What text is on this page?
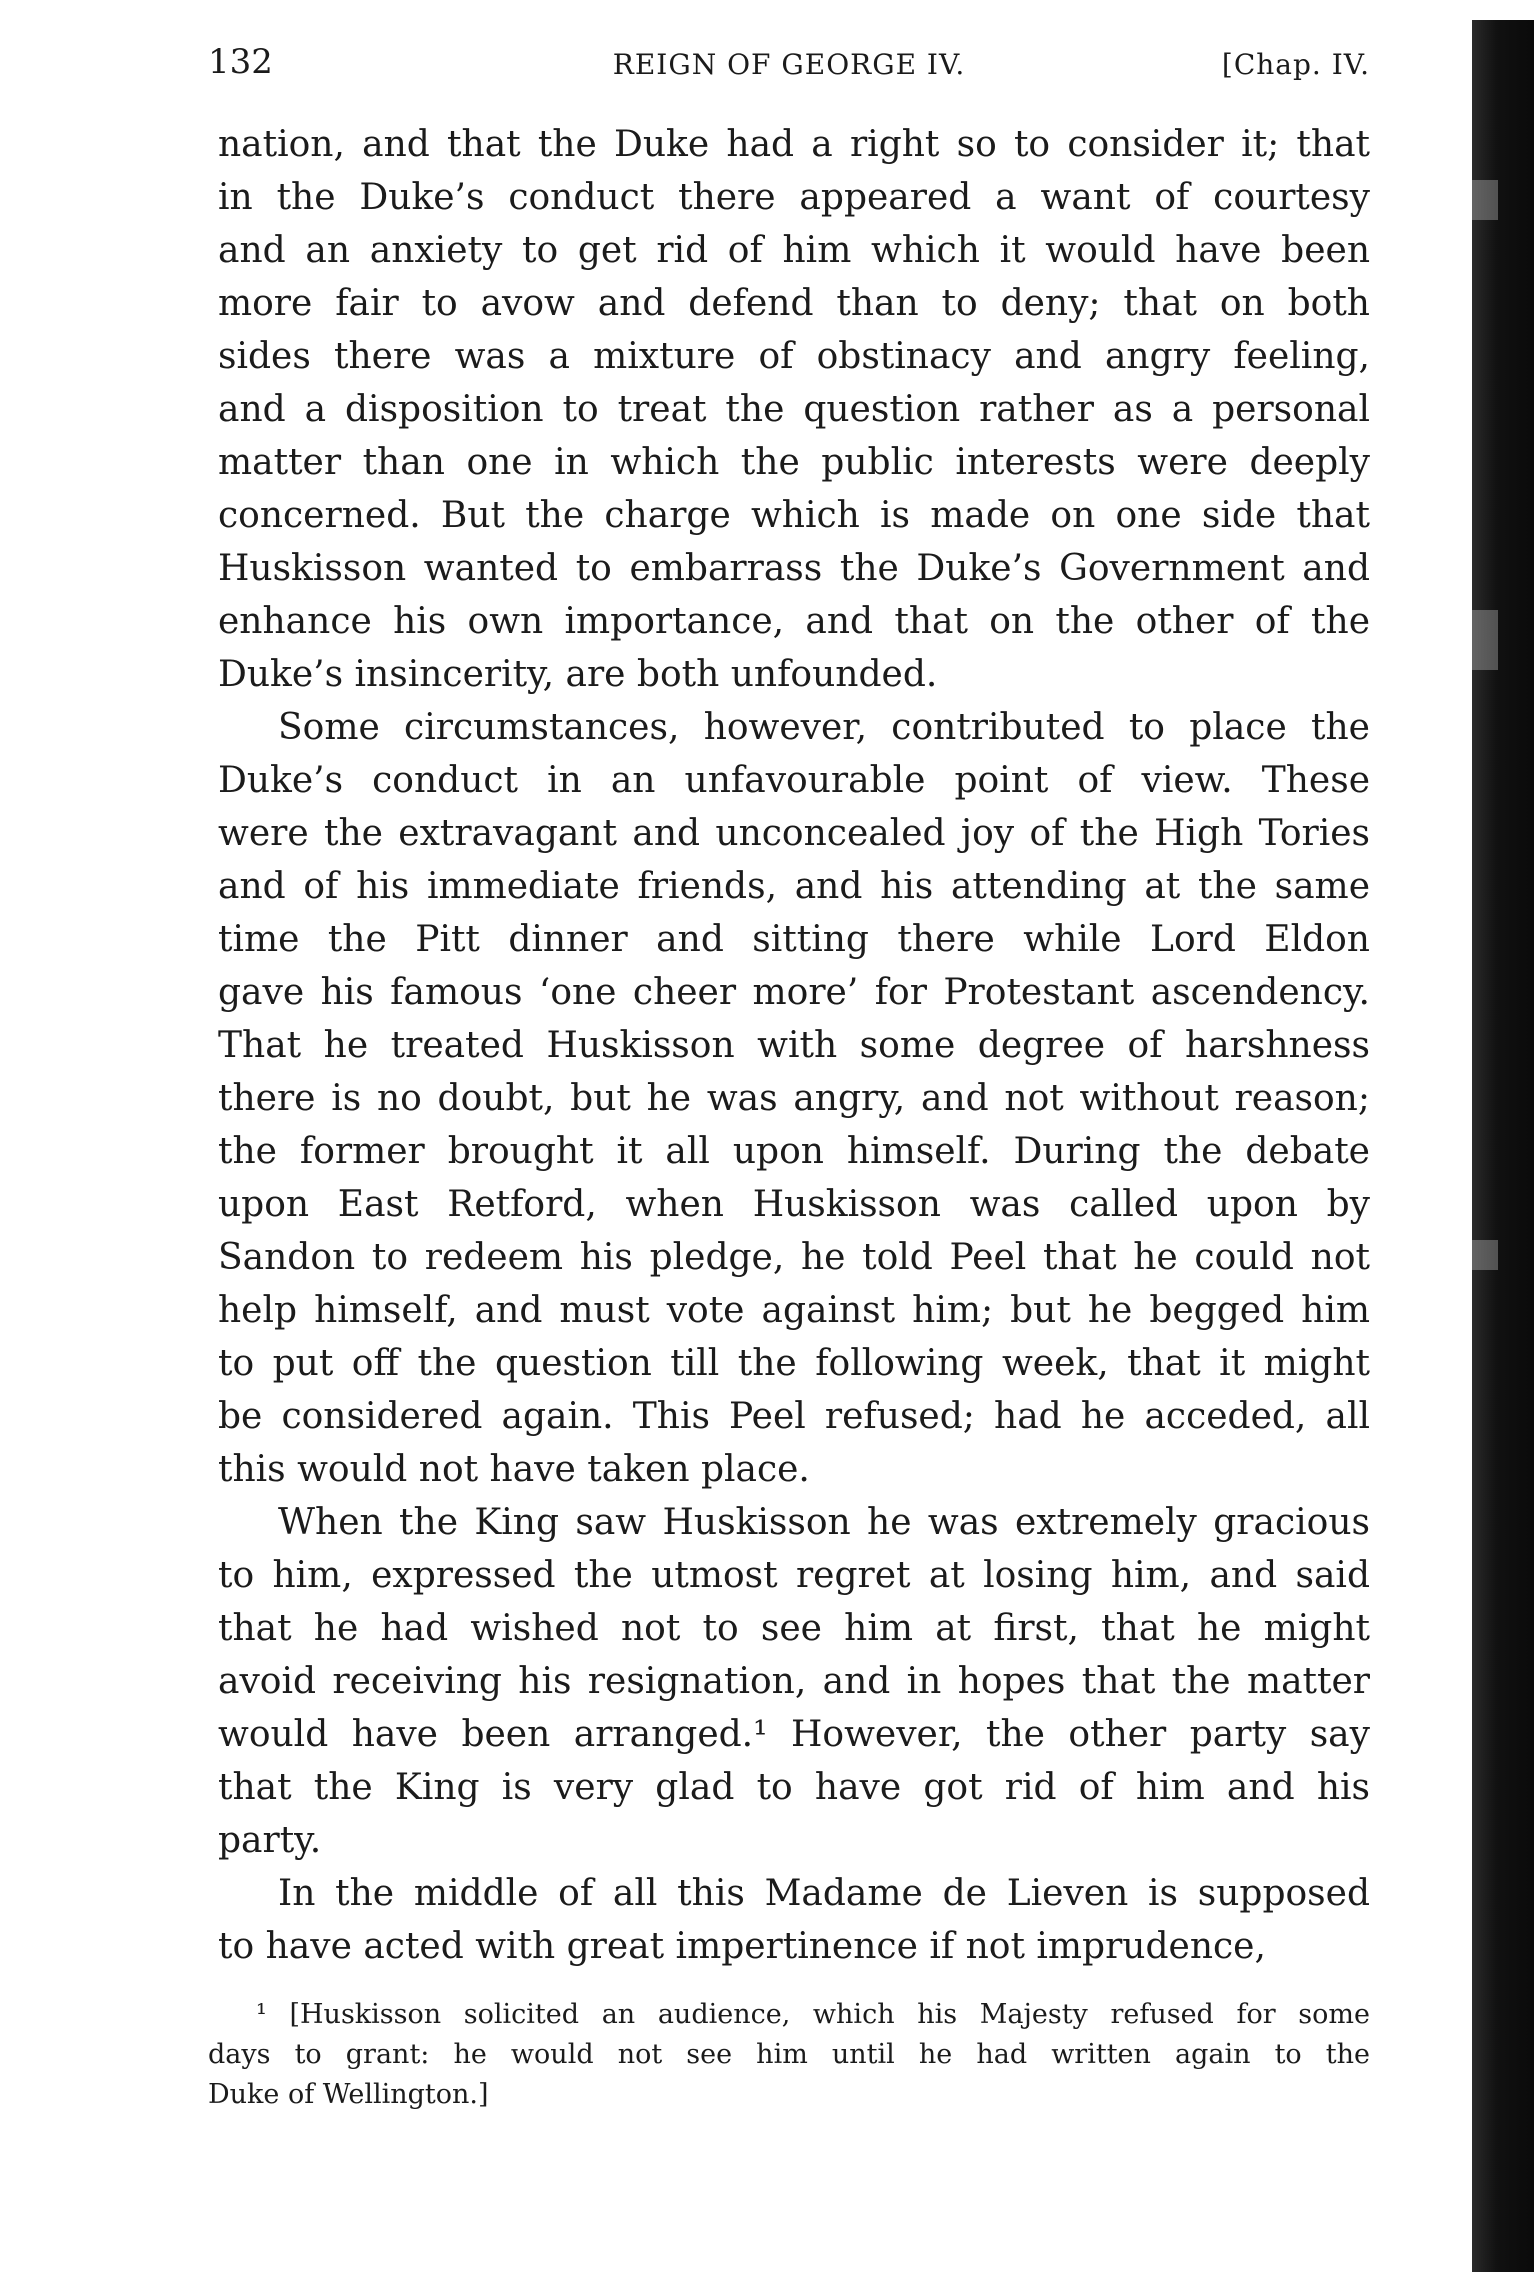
132	REIGN OF GEORGE IV.	[Chap. IV.

nation, and that the Duke had a right so to consider it; that
in the Duke’s conduct there appeared a want of courtesy
and an anxiety to get rid of him which it would have been
more fair to avow and defend than to deny; that on both
sides there was a mixture of obstinacy and angry feeling,
and a disposition to treat the question rather as a personal
matter than one in which the public interests were deeply
concerned. But the charge which is made on one side that
Huskisson wanted to embarrass the Duke’s Government and
enhance his own importance, and that on the other of the
Duke’s insincerity, are both unfounded.

Some circumstances, however, contributed to place the
Duke’s conduct in an unfavourable point of view. These
were the extravagant and unconcealed joy of the High Tories
and of his immediate friends, and his attending at the same
time the Pitt dinner and sitting there while Lord Eldon
gave his famous ‘one cheer more’ for Protestant ascendency.
That he treated Huskisson with some degree of harshness
there is no doubt, but he was angry, and not without reason;
the former brought it all upon himself. During the debate
upon East Retford, when Huskisson was called upon by
Sandon to redeem his pledge, he told Peel that he could not
help himself, and must vote against him; but he begged him
to put off the question till the following week, that it might
be considered again. This Peel refused; had he acceded, all
this would not have taken place.

When the King saw Huskisson he was extremely gracious
to him, expressed the utmost regret at losing him, and said
that he had wished not to see him at first, that he might
avoid receiving his resignation, and in hopes that the matter
would have been arranged.¹ However, the other party say
that the King is very glad to have got rid of him and his
party.

In the middle of all this Madame de Lieven is supposed
to have acted with great impertinence if not imprudence,

¹ [Huskisson solicited an audience, which his Majesty refused for some
days to grant: he would not see him until he had written again to the
Duke of Wellington.]
